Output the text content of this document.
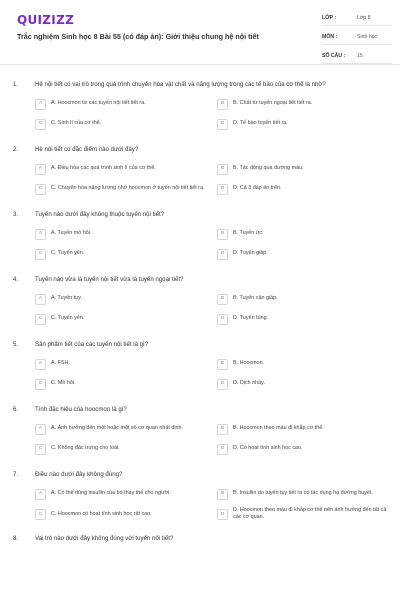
QUIZIZZ
Trắc nghiệm Sinh học 8 Bài 55 (có đáp án): Giới thiệu chung hệ nội tiết
LỚP :	Lớp 8
MÔN :	Sinh học
SỐ CÂU :	15
1.	Hệ nội tiết có vai trò trong quá trình chuyển hóa vật chất và năng lượng trong các tế bào của cơ thể là nhờ?
A	A. Hoocmon từ các tuyến nội tiết tiết ra.	B	B. Chất từ tuyến ngoại tiết tiết ra.
C	C. Sinh lí của cơ thể.	D	D. Tế bào tuyến tiết ra.
2.	Hệ nội tiết có đặc điểm nào dưới đây?
A	A. Điều hòa các quá trình sinh lí của cơ thể.	B	B. Tác động qua đường máu.
C	C. Chuyển hóa năng lượng nhờ hoocmon ở tuyến nội tiết tiết ra.	D	D. Cả 3 đáp án trên.
3.	Tuyến nào dưới đây không thuộc tuyến nội tiết?
A	A. Tuyến mồ hôi.	B	B. Tuyến ức.
C	C. Tuyến yên.	D	D. Tuyến giáp.
4.	Tuyến nào vừa là tuyến nội tiết vừa là tuyến ngoại tiết?
A	A. Tuyến tụy.	B	B. Tuyến cận giáp.
C	C. Tuyến yên.	D	D. Tuyến tùng.
5.	Sản phẩm tiết của các tuyến nội tiết là gì?
A	A. FSH.	B	B. Hoocmon.
C	C. Mồ hôi.	D	D. Dịch nhầy.
6.	Tính đặc hiệu của hoocmon là gì?
A	A. Ảnh hưởng đến một hoặc một số cơ quan nhất định.	B	B. Hoocmon theo máu đi khắp cơ thể.
C	C. Không đặc trưng cho loài.	D	D. Có hoạt tính sinh học cao.
7.	Điều nào dưới đây không đúng?
A	A. Có thể dùng insullin của bò thay thế cho người.	B	B. Insullin do tuyến tụy tiết ra có tác dụng hạ đường huyết.
C	C. Hoocmon có hoạt tính sinh học rất cao.	D
D. Hoocmon theo máu đi khắp cơ thể nên ảnh hưởng đến tất cả các cơ quan.
8.	Vai trò nào dưới đây không đúng với tuyến nội tiết?
